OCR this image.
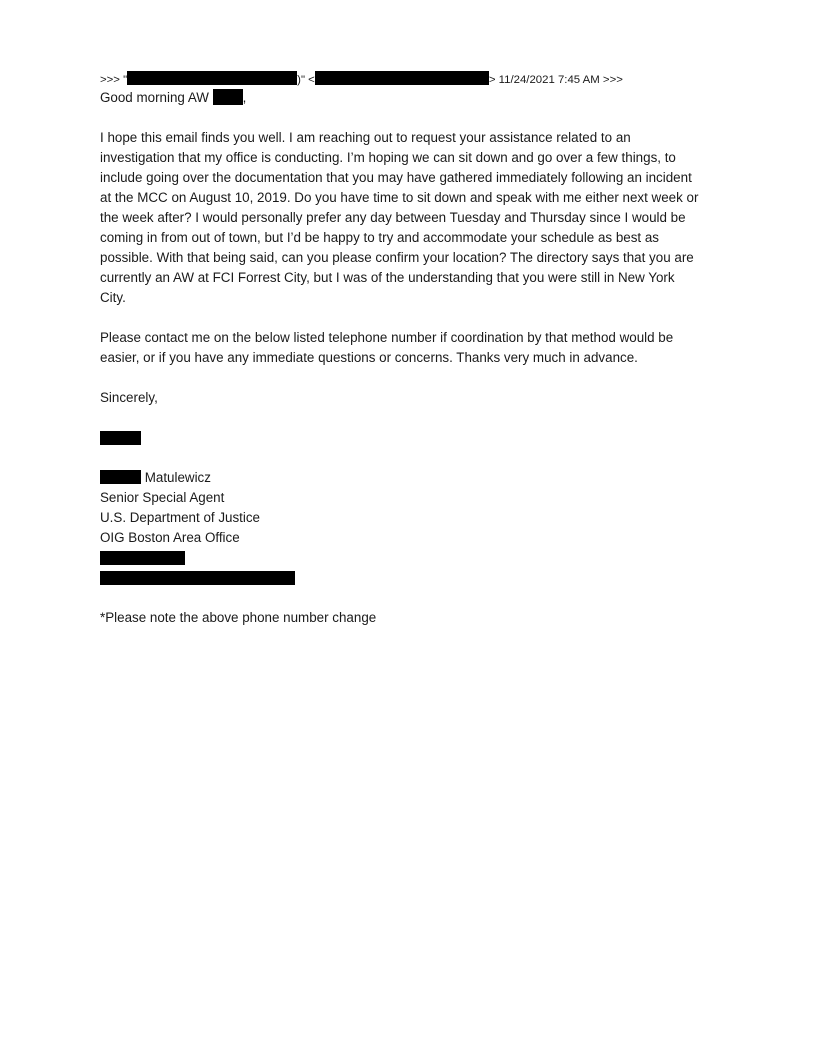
>>> "	)" <	> 11/24/2021 7:45 AM >>>
Good morning AW ,
I hope this email finds you well. I am reaching out to request your assistance related to an
investigation that my office is conducting. I’m hoping we can sit down and go over a few things, to
include going over the documentation that you may have gathered immediately following an incident
at the MCC on August 10, 2019. Do you have time to sit down and speak with me either next week or
the week after? I would personally prefer any day between Tuesday and Thursday since I would be
coming in from out of town, but I’d be happy to try and accommodate your schedule as best as
possible. With that being said, can you please confirm your location? The directory says that you are
currently an AW at FCI Forrest City, but I was of the understanding that you were still in New York
City.
Please contact me on the below listed telephone number if coordination by that method would be
easier, or if you have any immediate questions or concerns. Thanks very much in advance.
Sincerely,
Matulewicz
Senior Special Agent
U.S. Department of Justice
OIG Boston Area Office
*Please note the above phone number change
